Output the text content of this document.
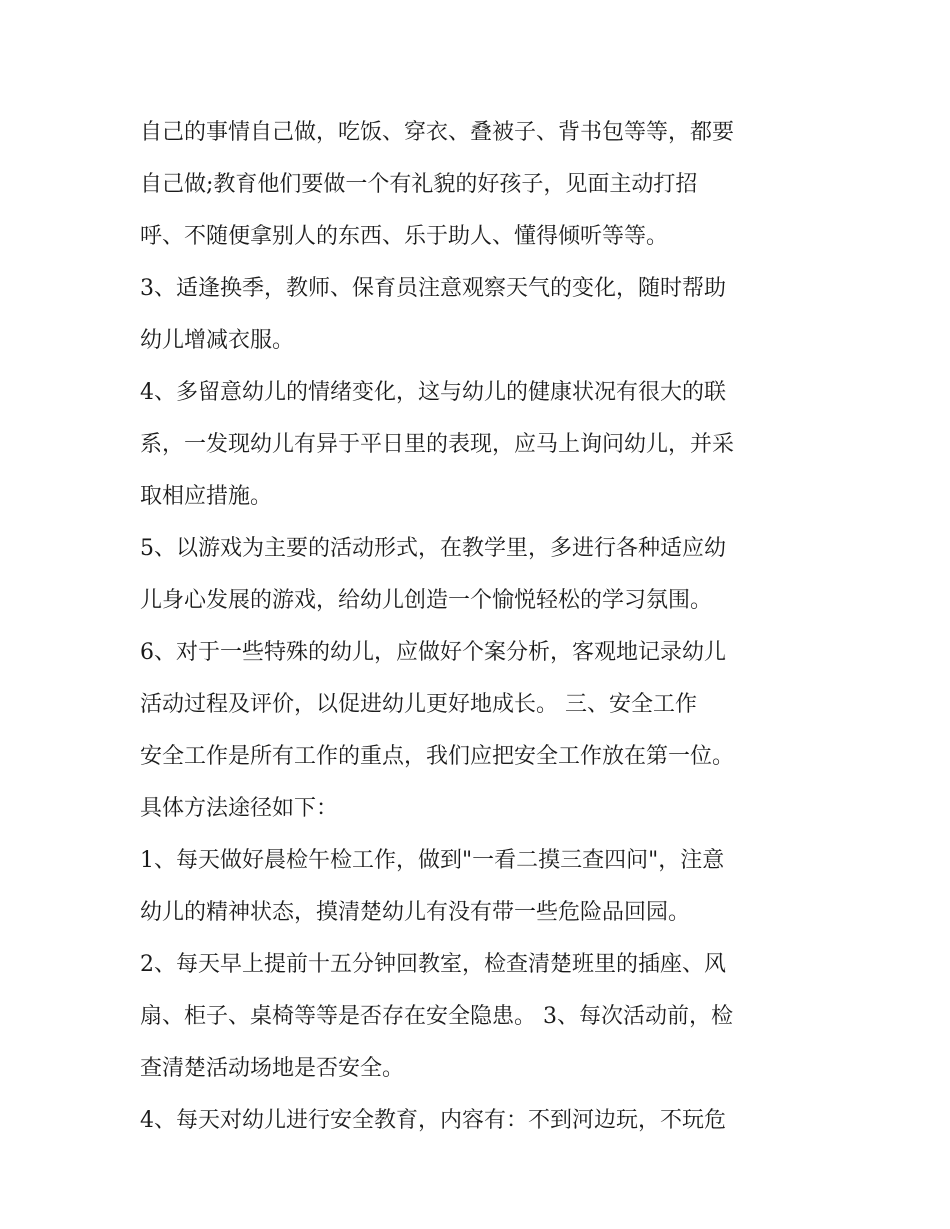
自己的事情自己做，吃饭、穿衣、叠被子、背书包等等，都要
自己做;教育他们要做一个有礼貌的好孩子，见面主动打招
呼、不随便拿别人的东西、乐于助人、懂得倾听等等。
3、适逢换季，教师、保育员注意观察天气的变化，随时帮助
幼儿增减衣服。
4、多留意幼儿的情绪变化，这与幼儿的健康状况有很大的联
系，一发现幼儿有异于平日里的表现，应马上询问幼儿，并采
取相应措施。
5、以游戏为主要的活动形式，在教学里，多进行各种适应幼
儿身心发展的游戏，给幼儿创造一个愉悦轻松的学习氛围。
6、对于一些特殊的幼儿，应做好个案分析，客观地记录幼儿
活动过程及评价，以促进幼儿更好地成长。 三、安全工作
安全工作是所有工作的重点，我们应把安全工作放在第一位。
具体方法途径如下：
1、每天做好晨检午检工作，做到"一看二摸三查四问"，注意
幼儿的精神状态，摸清楚幼儿有没有带一些危险品回园。
2、每天早上提前十五分钟回教室，检查清楚班里的插座、风
扇、柜子、桌椅等等是否存在安全隐患。 3、每次活动前，检
查清楚活动场地是否安全。
4、每天对幼儿进行安全教育，内容有：不到河边玩，不玩危
